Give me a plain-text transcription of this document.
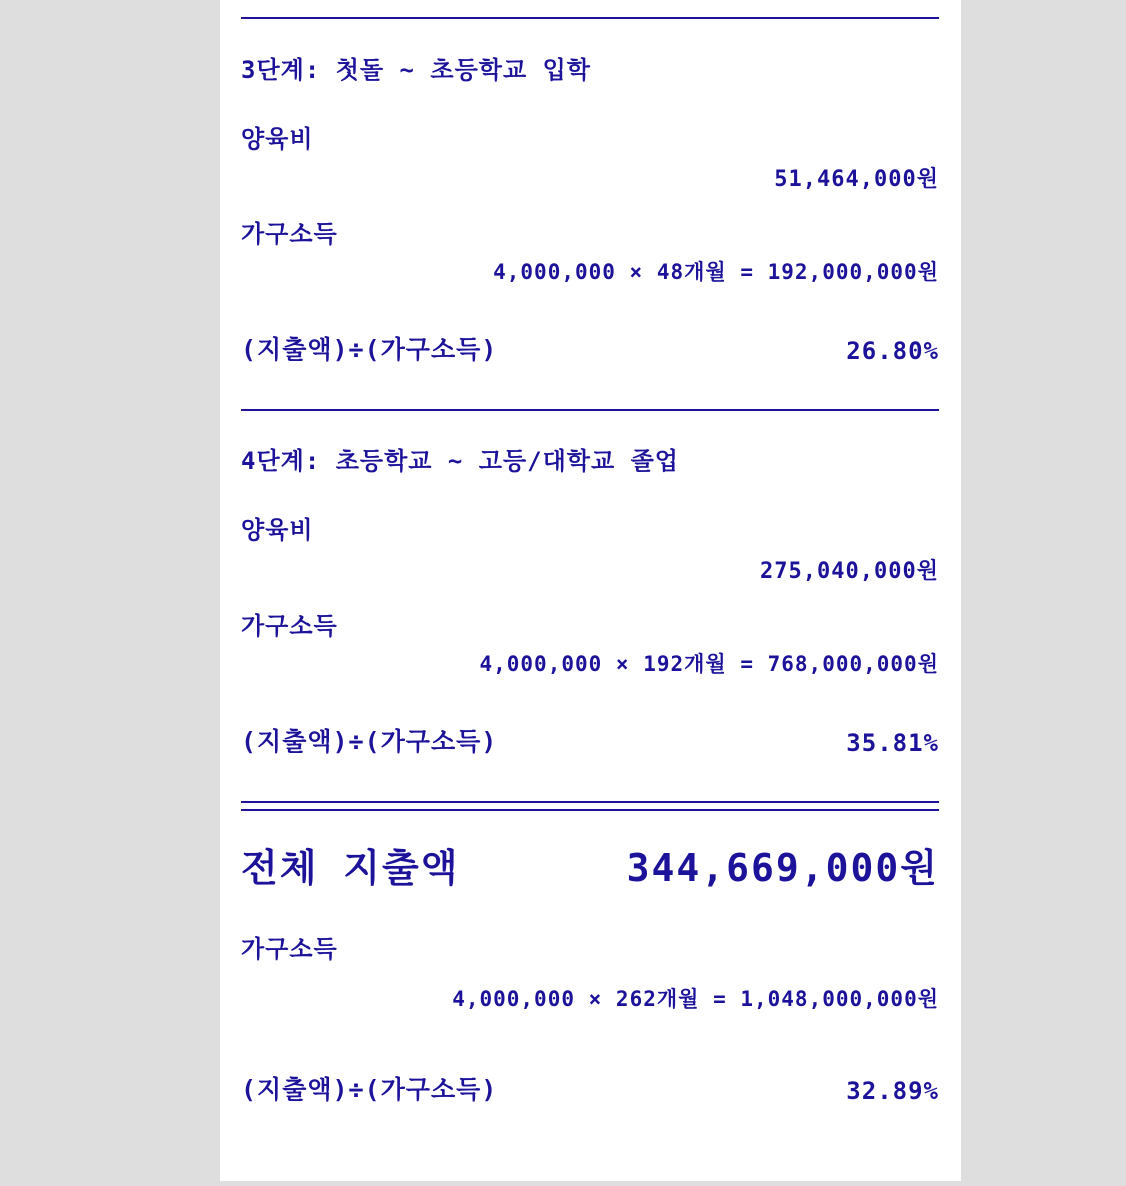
3단계: 첫돌 ~ 초등학교 입학
양육비
51,464,000원
가구소득
4,000,000 × 48개월 = 192,000,000원
(지출액)÷(가구소득)	26.80%
4단계: 초등학교 ~ 고등/대학교 졸업
양육비
275,040,000원
가구소득
4,000,000 × 192개월 = 768,000,000원
(지출액)÷(가구소득)	35.81%
전체 지출액	344,669,000원
가구소득
4,000,000 × 262개월 = 1,048,000,000원
(지출액)÷(가구소득)	32.89%
